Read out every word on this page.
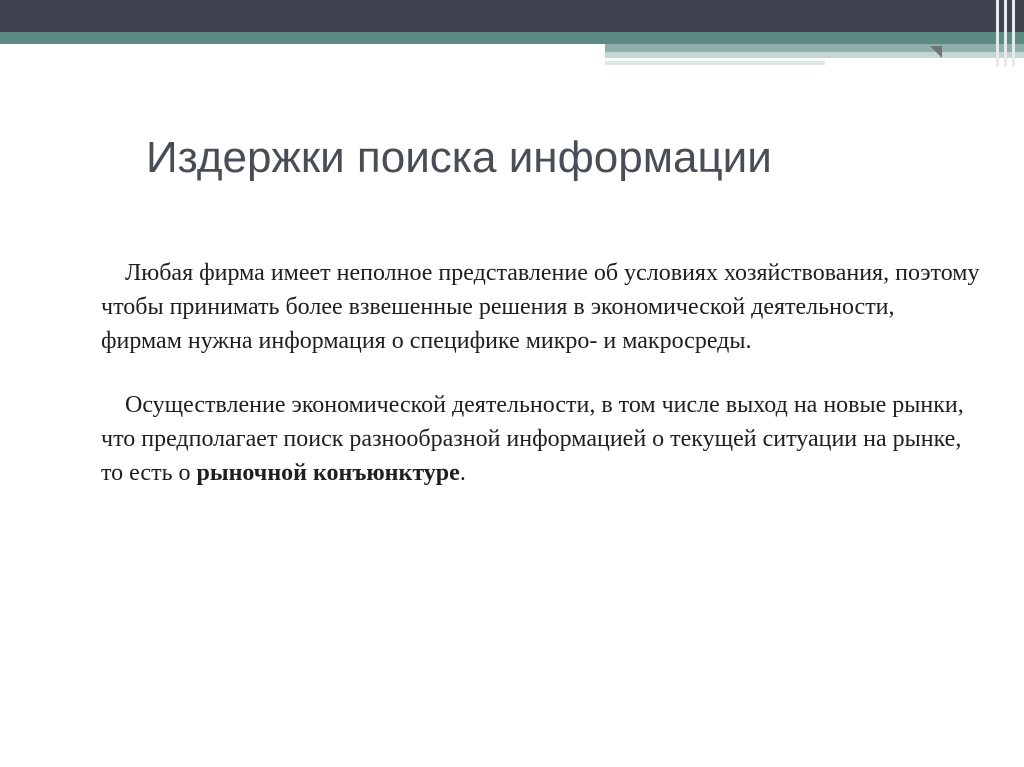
Издержки поиска информации

Любая фирма имеет неполное представление об условиях хозяйствования, поэтому чтобы принимать более взвешенные решения в экономической деятельности, фирмам нужна информация о специфике микро- и макросреды.

Осуществление экономической деятельности, в том числе выход на новые рынки, что предполагает поиск разнообразной информацией о текущей ситуации на рынке, то есть о рыночной конъюнктуре.
